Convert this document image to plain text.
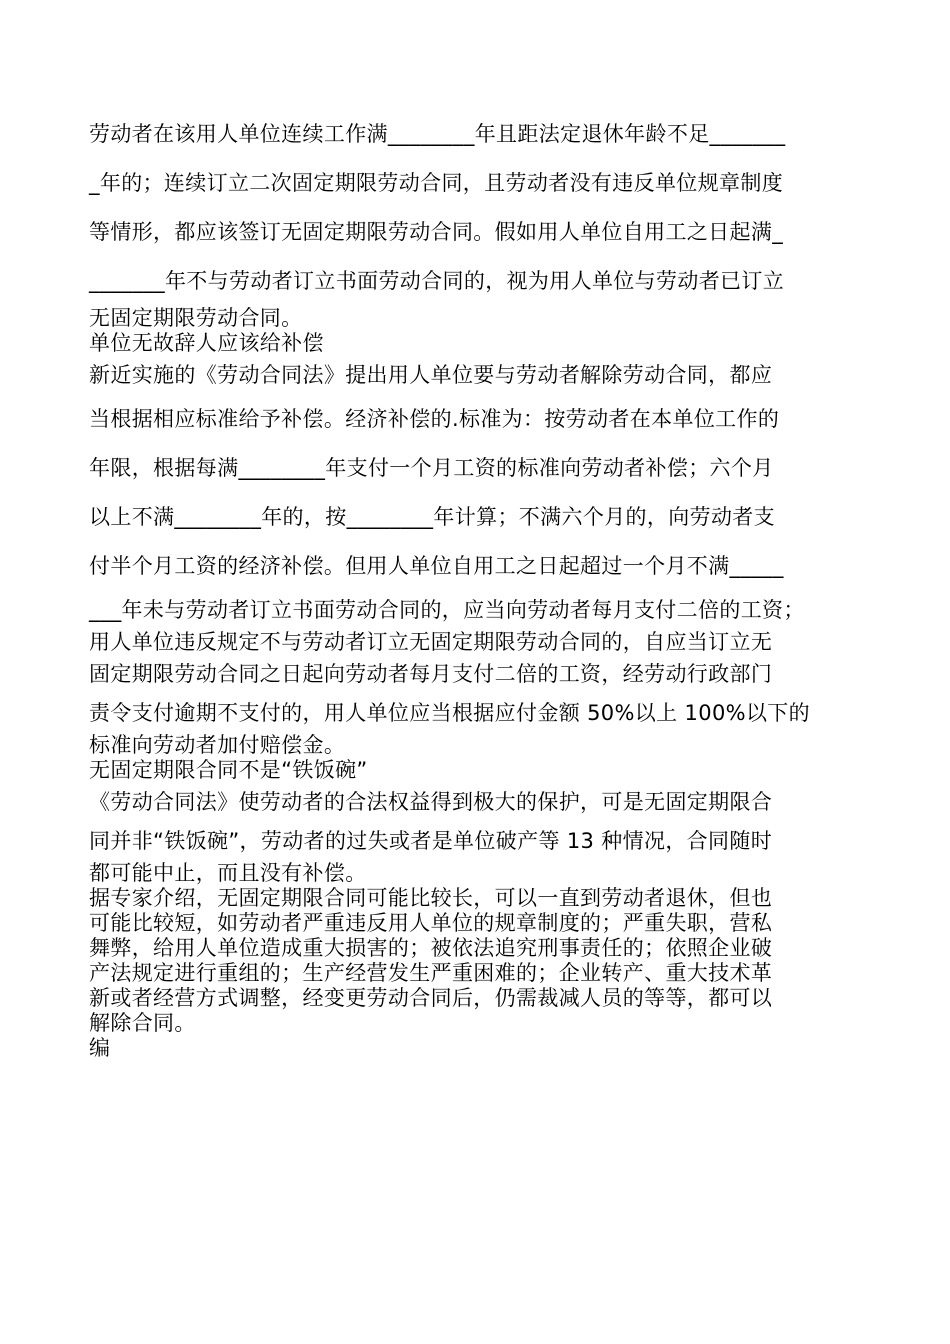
劳动者在该用人单位连续工作满________年且距法定退休年龄不足_______
_年的；连续订立二次固定期限劳动合同，且劳动者没有违反单位规章制度
等情形，都应该签订无固定期限劳动合同。假如用人单位自用工之日起满_
_______年不与劳动者订立书面劳动合同的，视为用人单位与劳动者已订立
无固定期限劳动合同。
单位无故辞人应该给补偿
新近实施的《劳动合同法》提出用人单位要与劳动者解除劳动合同，都应
当根据相应标准给予补偿。经济补偿的.标准为：按劳动者在本单位工作的
年限，根据每满________年支付一个月工资的标准向劳动者补偿；六个月
以上不满________年的，按________年计算；不满六个月的，向劳动者支
付半个月工资的经济补偿。但用人单位自用工之日起超过一个月不满_____
___年未与劳动者订立书面劳动合同的，应当向劳动者每月支付二倍的工资；
用人单位违反规定不与劳动者订立无固定期限劳动合同的，自应当订立无
固定期限劳动合同之日起向劳动者每月支付二倍的工资，经劳动行政部门
责令支付逾期不支付的，用人单位应当根据应付金额 50%以上 100%以下的
标准向劳动者加付赔偿金。
无固定期限合同不是“铁饭碗”
《劳动合同法》使劳动者的合法权益得到极大的保护，可是无固定期限合
同并非“铁饭碗”，劳动者的过失或者是单位破产等 13 种情况，合同随时
都可能中止，而且没有补偿。
据专家介绍，无固定期限合同可能比较长，可以一直到劳动者退休，但也
可能比较短，如劳动者严重违反用人单位的规章制度的；严重失职，营私
舞弊，给用人单位造成重大损害的；被依法追究刑事责任的；依照企业破
产法规定进行重组的；生产经营发生严重困难的；企业转产、重大技术革
新或者经营方式调整，经变更劳动合同后，仍需裁减人员的等等，都可以
解除合同。
编
